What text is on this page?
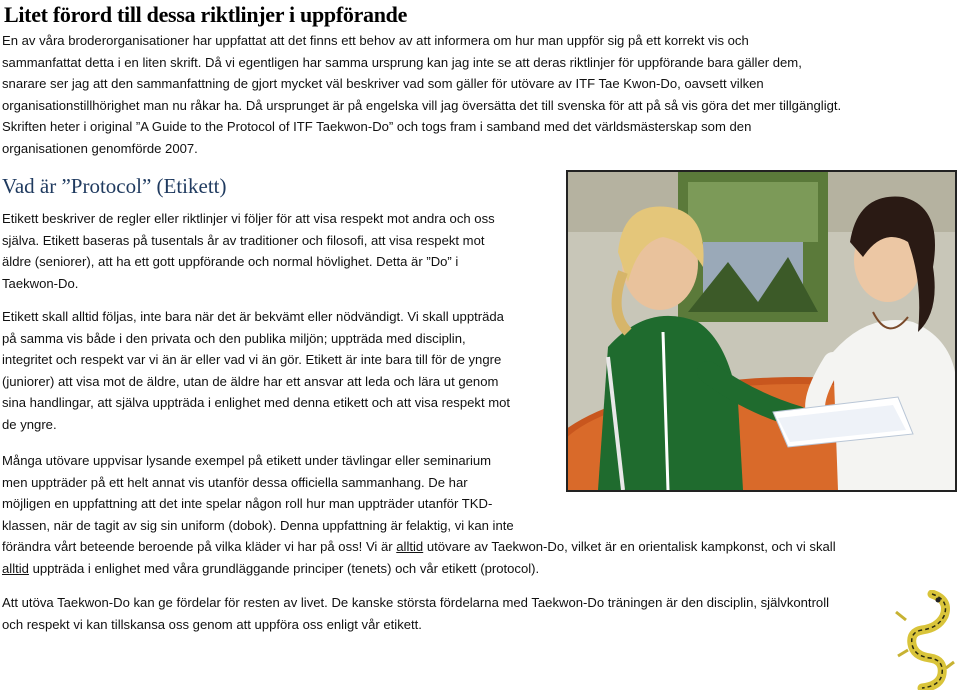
Litet förord till dessa riktlinjer i uppförande

En av våra broderorganisationer har uppfattat att det finns ett behov av att informera om hur man uppför sig på ett korrekt vis och
sammanfattat detta i en liten skrift. Då vi egentligen har samma ursprung kan jag inte se att deras riktlinjer för uppförande bara gäller dem,
snarare ser jag att den sammanfattning de gjort mycket väl beskriver vad som gäller för utövare av ITF Tae Kwon-Do, oavsett vilken
organisationstillhörighet man nu råkar ha. Då ursprunget är på engelska vill jag översätta det till svenska för att på så vis göra det mer tillgängligt.
Skriften heter i original ”A Guide to the Protocol of ITF Taekwon-Do” och togs fram i samband med det världsmästerskap som den
organisationen genomförde 2007.

Vad är ”Protocol” (Etikett)

Etikett beskriver de regler eller riktlinjer vi följer för att visa respekt mot andra och oss
själva. Etikett baseras på tusentals år av traditioner och filosofi, att visa respekt mot
äldre (seniorer), att ha ett gott uppförande och normal hövlighet. Detta är ”Do” i
Taekwon-Do.

Etikett skall alltid följas, inte bara när det är bekvämt eller nödvändigt. Vi skall uppträda
på samma vis både i den privata och den publika miljön; uppträda med disciplin,
integritet och respekt var vi än är eller vad vi än gör. Etikett är inte bara till för de yngre
(juniorer) att visa mot de äldre, utan de äldre har ett ansvar att leda och lära ut genom
sina handlingar, att själva uppträda i enlighet med denna etikett och att visa respekt mot
de yngre.

Många utövare uppvisar lysande exempel på etikett under tävlingar eller seminarium
men uppträder på ett helt annat vis utanför dessa officiella sammanhang. De har
möjligen en uppfattning att det inte spelar någon roll hur man uppträder utanför TKD-
klassen, när de tagit av sig sin uniform (dobok). Denna uppfattning är felaktig, vi kan inte

förändra vårt beteende beroende på vilka kläder vi har på oss! Vi är alltid utövare av Taekwon-Do, vilket är en orientalisk kampkonst, och vi skall
alltid uppträda i enlighet med våra grundläggande principer (tenets) och vår etikett (protocol).

Att utöva Taekwon-Do kan ge fördelar för resten av livet. De kanske största fördelarna med Taekwon-Do träningen är den disciplin, självkontroll
och respekt vi kan tillskansa oss genom att uppföra oss enligt vår etikett.
